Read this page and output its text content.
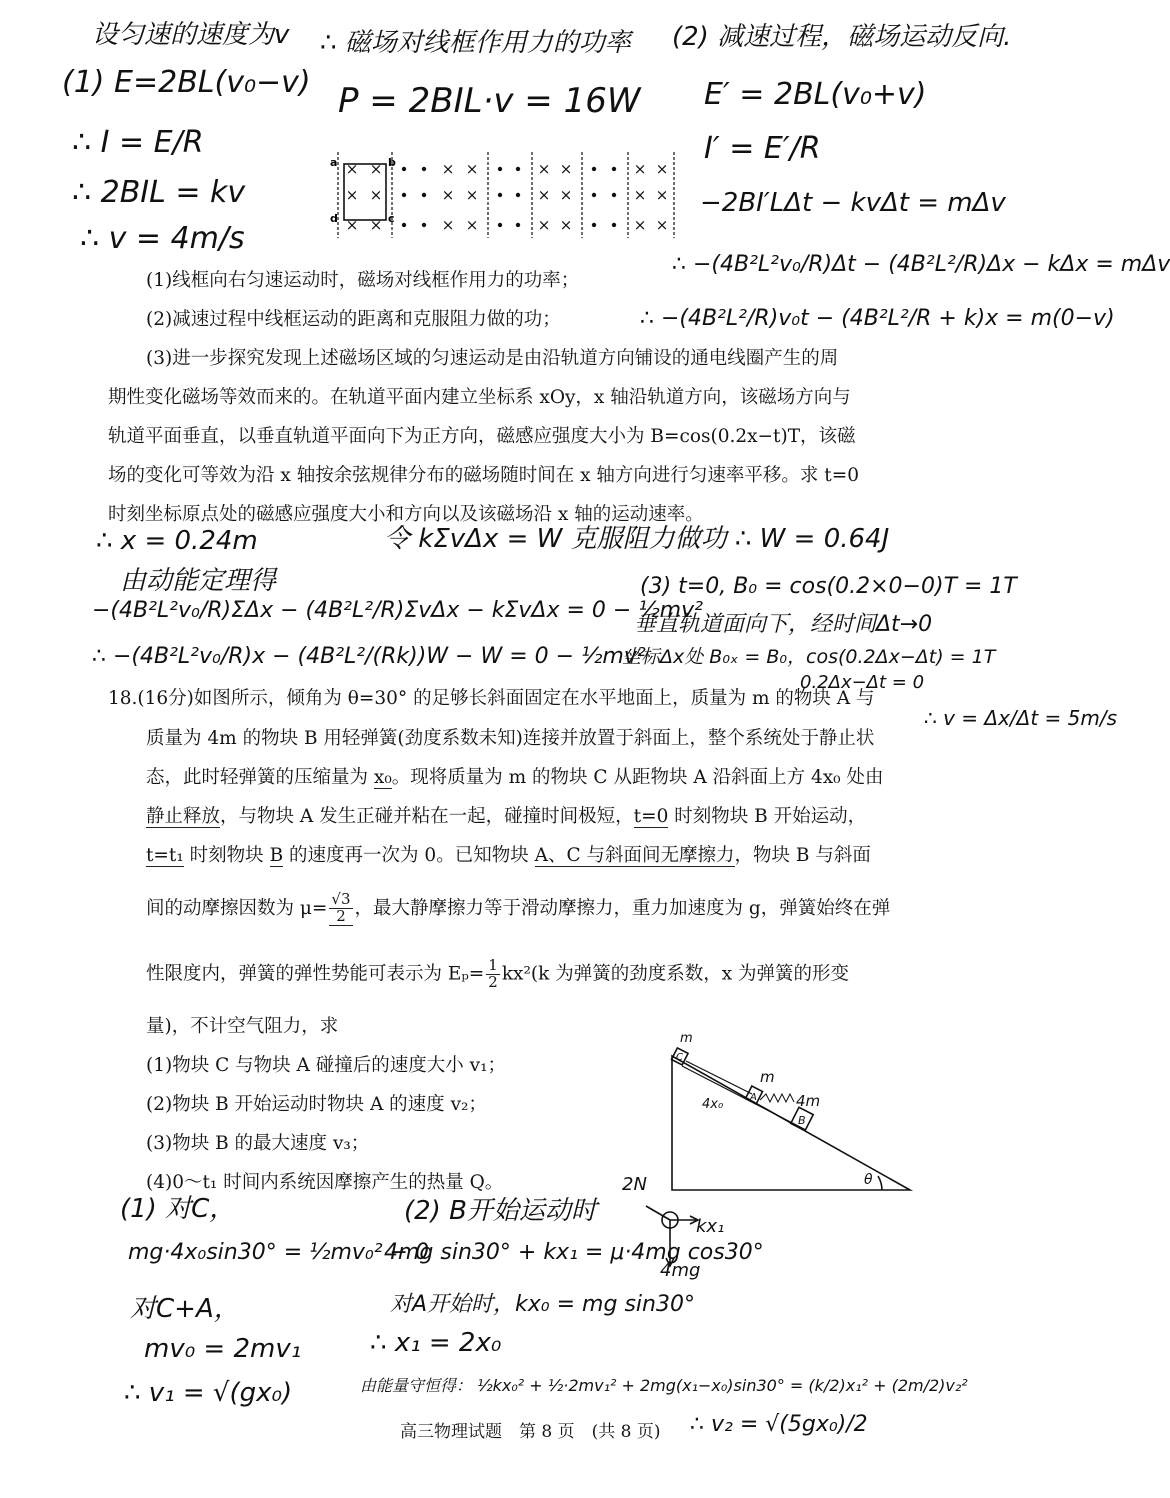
设匀速的速度为v
(1) E=2BL(v₀−v)
∴ I = E/R
∴ 2BIL = kv
∴ v = 4m/s
∴ 磁场对线框作用力的功率
P = 2BIL·v = 16W
(2) 减速过程，磁场运动反向.
E′ = 2BL(v₀+v)
I′ = E′/R
−2BI′LΔt − kvΔt = mΔv
∴ −(4B²L²v₀/R)Δt − (4B²L²/R)Δx − kΔx = mΔv
∴ −(4B²L²/R)v₀t − (4B²L²/R + k)x = m(0−v)
× ×
× ×
× ×
× ×
× ×
× ×
× ×
× ×
× ×
× ×
× ×
× ×
a	b
d	c
(1)线框向右匀速运动时，磁场对线框作用力的功率；
(2)减速过程中线框运动的距离和克服阻力做的功；
(3)进一步探究发现上述磁场区域的匀速运动是由沿轨道方向铺设的通电线圈产生的周
期性变化磁场等效而来的。在轨道平面内建立坐标系 xOy，x 轴沿轨道方向，该磁场方向与
轨道平面垂直，以垂直轨道平面向下为正方向，磁感应强度大小为 B=cos(0.2x−t)T，该磁
场的变化可等效为沿 x 轴按余弦规律分布的磁场随时间在 x 轴方向进行匀速率平移。求 t=0
时刻坐标原点处的磁感应强度大小和方向以及该磁场沿 x 轴的运动速率。
∴ x = 0.24m	令 kΣvΔx = W 克服阻力做功 ∴ W = 0.64J
由动能定理得
−(4B²L²v₀/R)ΣΔx − (4B²L²/R)ΣvΔx − kΣvΔx = 0 − ½mv²
∴ −(4B²L²v₀/R)x − (4B²L²/(Rk))W − W = 0 − ½mv²
(3) t=0, B₀ = cos(0.2×0−0)T = 1T
垂直轨道面向下，经时间Δt→0
坐标Δx处 B₀ₓ = B₀，cos(0.2Δx−Δt) = 1T
0.2Δx−Δt = 0
∴ v = Δx/Δt = 5m/s
18.(16分)如图所示，倾角为 θ=30° 的足够长斜面固定在水平地面上，质量为 m 的物块 A 与
质量为 4m 的物块 B 用轻弹簧(劲度系数未知)连接并放置于斜面上，整个系统处于静止状
态，此时轻弹簧的压缩量为 x₀。现将质量为 m 的物块 C 从距物块 A 沿斜面上方 4x₀ 处由
静止释放，与物块 A 发生正碰并粘在一起，碰撞时间极短，t=0 时刻物块 B 开始运动，
t=t₁ 时刻物块 B 的速度再一次为 0。已知物块 A、C 与斜面间无摩擦力，物块 B 与斜面
间的动摩擦因数为 $\mu= \frac{√3}{2}$ ，最大静摩擦力等于滑动摩擦力，重力加速度为 g，弹簧始终在弹
性限度内，弹簧的弹性势能可表示为 $E_p= \frac{1}{2} kx^2(k$ 为弹簧的劲度系数，x 为弹簧的形变
量)，不计空气阻力，求
(1)物块 C 与物块 A 碰撞后的速度大小 v₁；
(2)物块 B 开始运动时物块 A 的速度 v₂；
(3)物块 B 的最大速度 v₃；
(4)0～t₁ 时间内系统因摩擦产生的热量 Q。
m
m
4m
4x₀
C
A
B
θ
(1) 对C，
mg·4x₀sin30° = ½mv₀² − 0
对C+A，
mv₀ = 2mv₁
∴ v₁ = √(gx₀)
(2) B开始运动时
4mg sin30° + kx₁ = μ·4mg cos30°
对A开始时，kx₀ = mg sin30°
∴ x₁ = 2x₀
由能量守恒得： ½kx₀² + ½·2mv₁² + 2mg(x₁−x₀)sin30° = (k/2)x₁² + (2m/2)v₂²
∴ v₂ = √(5gx₀)/2
2N
kx₁
4mg
高三物理试题　第 8 页　(共 8 页)
